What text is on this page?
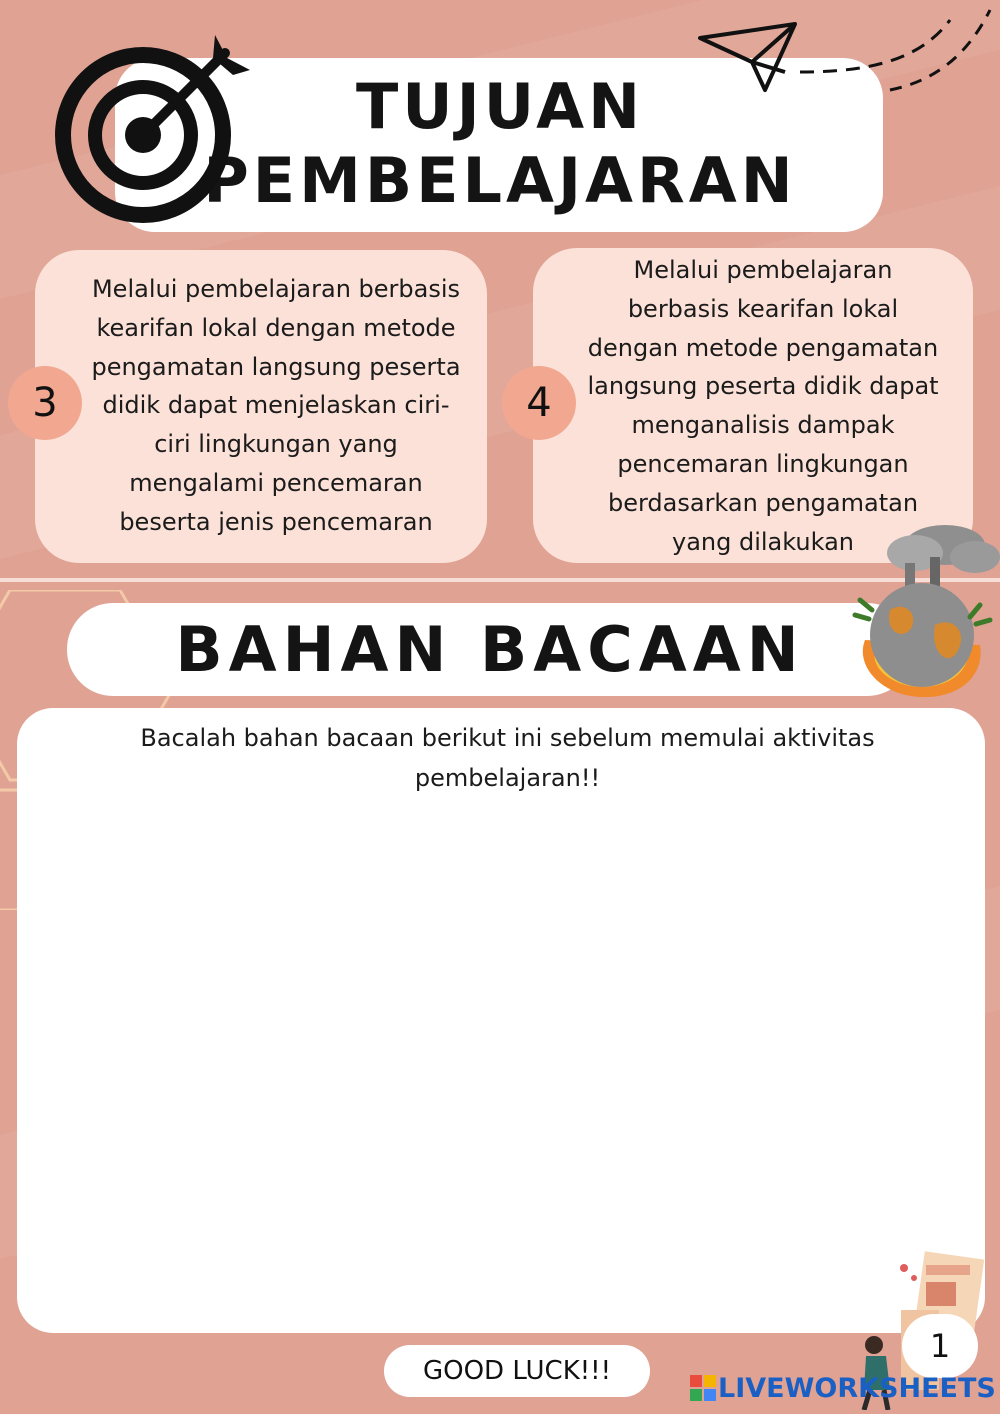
TUJUAN
PEMBELAJARAN
Melalui pembelajaran berbasis
kearifan lokal dengan metode
pengamatan langsung peserta
didik dapat menjelaskan ciri-
ciri lingkungan yang
mengalami pencemaran
beserta jenis pencemaran
3
Melalui pembelajaran
berbasis kearifan lokal
dengan metode pengamatan
langsung peserta didik dapat
menganalisis dampak
pencemaran lingkungan
berdasarkan pengamatan
yang dilakukan
4
BAHAN BACAAN
Bacalah bahan bacaan berikut ini sebelum memulai aktivitas
pembelajaran!!
1
GOOD LUCK!!!
LIVEWORKSHEETS
